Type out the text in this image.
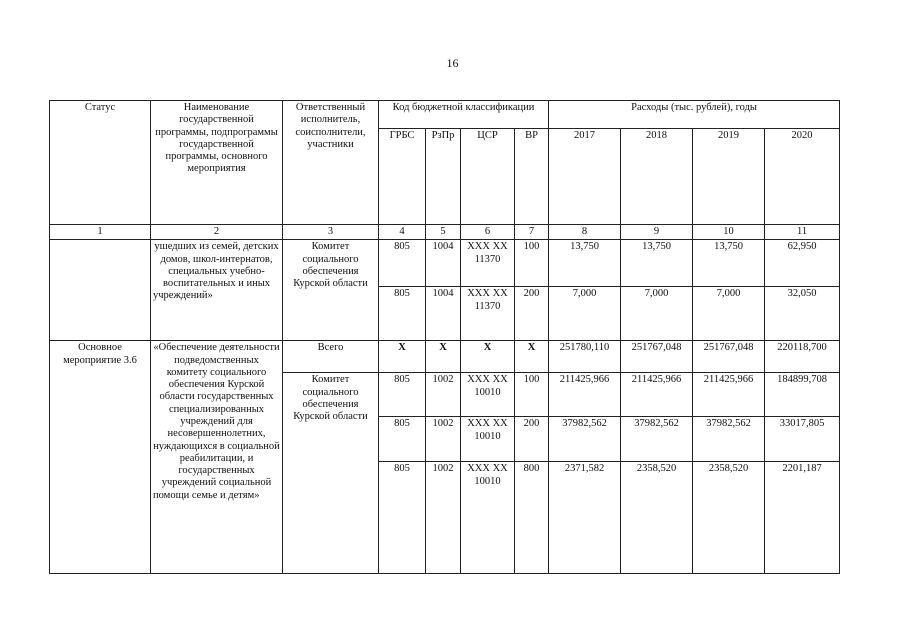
16
Статус	Наименование государственной программы, подпрограммы государственной программы, основного мероприятия	Ответственный исполнитель, соисполнители, участники	Код бюджетной классификации				Расходы (тыс. рублей), годы			
			ГРБС	РзПр	ЦСР	ВР	2017	2018	2019	2020
1	2	3	4	5	6	7	8	9	10	11
	ушедших из семей, детских домов, школ-интернатов, специальных учебно-воспитательных и иных учреждений»	Комитет социального обеспечения Курской области	805	1004	XXX XX 11370	100	13,750	13,750	13,750	62,950
			805	1004	XXX XX 11370	200	7,000	7,000	7,000	32,050
Основное мероприятие 3.6	«Обеспечение деятельности подведомственных комитету социального обеспечения Курской области государственных специализированных учреждений для несовершеннолетних, нуждающихся в социальной реабилитации, и государственных учреждений социальной помощи семье и детям»	Всего	X	X	X	X	251780,110	251767,048	251767,048	220118,700
		Комитет социального обеспечения Курской области	805	1002	XXX XX 10010	100	211425,966	211425,966	211425,966	184899,708
			805	1002	XXX XX 10010	200	37982,562	37982,562	37982,562	33017,805
			805	1002	XXX XX 10010	800	2371,582	2358,520	2358,520	2201,187
